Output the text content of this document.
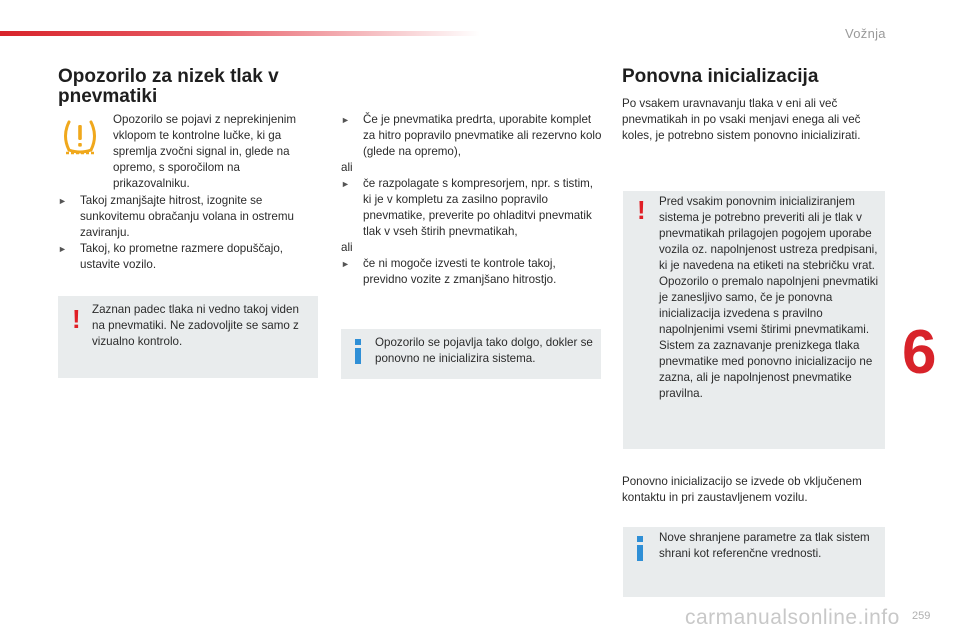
Vožnja
6
259
carmanualsonline.info
Opozorilo za nizek tlak v pnevmatiki
Opozorilo se pojavi z neprekinjenim vklopom te kontrolne lučke, ki ga spremlja zvočni signal in, glede na opremo, s sporočilom na prikazovalniku.
► Takoj zmanjšajte hitrost, izognite se sunkovitemu obračanju volana in ostremu zaviranju.
► Takoj, ko prometne razmere dopuščajo, ustavite vozilo.
! Zaznan padec tlaka ni vedno takoj viden na pnevmatiki. Ne zadovoljite se samo z vizualno kontrolo.
► Če je pnevmatika predrta, uporabite komplet za hitro popravilo pnevmatike ali rezervno kolo (glede na opremo),
ali
► če razpolagate s kompresorjem, npr. s tistim, ki je v kompletu za zasilno popravilo pnevmatike, preverite po ohladitvi pnevmatik tlak v vseh štirih pnevmatikah,
ali
► če ni mogoče izvesti te kontrole takoj, previdno vozite z zmanjšano hitrostjo.
Opozorilo se pojavlja tako dolgo, dokler se ponovno ne inicializira sistema.
Ponovna inicializacija
Po vsakem uravnavanju tlaka v eni ali več pnevmatikah in po vsaki menjavi enega ali več koles, je potrebno sistem ponovno inicializirati.
! Pred vsakim ponovnim inicializiranjem sistema je potrebno preveriti ali je tlak v pnevmatikah prilagojen pogojem uporabe vozila oz. napolnjenost ustreza predpisani, ki je navedena na etiketi na stebričku vrat.

Opozorilo o premalo napolnjeni pnevmatiki je zanesljivo samo, če je ponovna inicializacija izvedena s pravilno napolnjenimi vsemi štirimi pnevmatikami.

Sistem za zaznavanje prenizkega tlaka pnevmatike med ponovno inicializacijo ne zazna, ali je napolnjenost pnevmatike pravilna.

Ponovno inicializacijo se izvede ob vključenem kontaktu in pri zaustavljenem vozilu.
Nove shranjene parametre za tlak sistem shrani kot referenčne vrednosti.
